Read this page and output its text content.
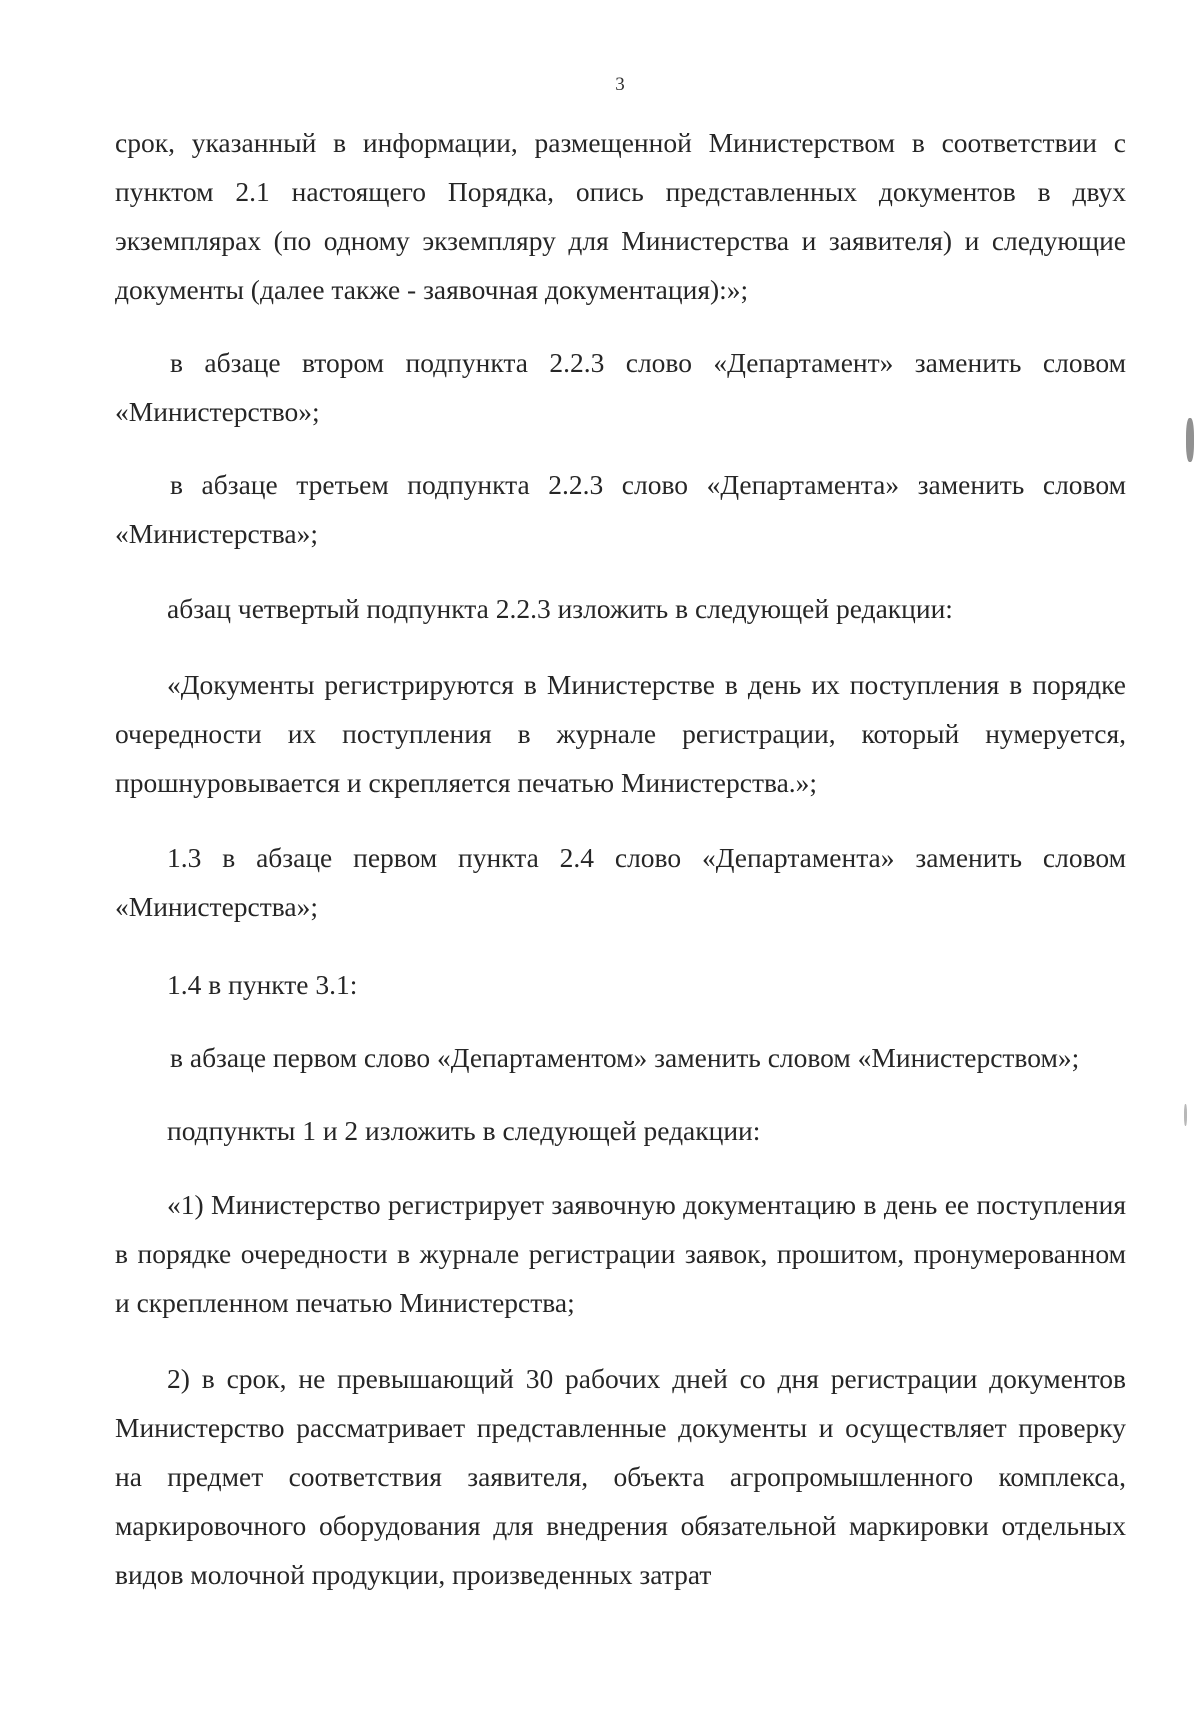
3

срок, указанный в информации, размещенной Министерством в соответствии с пунктом 2.1 настоящего Порядка, опись представленных документов в двух экземплярах (по одному экземпляру для Министерства и заявителя) и следующие документы (далее также - заявочная документация):»;

в абзаце втором подпункта 2.2.3 слово «Департамент» заменить словом «Министерство»;

в абзаце третьем подпункта 2.2.3 слово «Департамента» заменить словом «Министерства»;

абзац четвертый подпункта 2.2.3 изложить в следующей редакции:

«Документы регистрируются в Министерстве в день их поступления в порядке очередности их поступления в журнале регистрации, который нумеруется, прошнуровывается и скрепляется печатью Министерства.»;

1.3 в абзаце первом пункта 2.4 слово «Департамента» заменить словом «Министерства»;

1.4 в пункте 3.1:

в абзаце первом слово «Департаментом» заменить словом «Министерством»;

подпункты 1 и 2 изложить в следующей редакции:

«1) Министерство регистрирует заявочную документацию в день ее поступления в порядке очередности в журнале регистрации заявок, прошитом, пронумерованном и скрепленном печатью Министерства;

2) в срок, не превышающий 30 рабочих дней со дня регистрации документов Министерство рассматривает представленные документы и осуществляет проверку на предмет соответствия заявителя, объекта агропромышленного комплекса, маркировочного оборудования для внедрения обязательной маркировки отдельных видов молочной продукции, произведенных затрат
